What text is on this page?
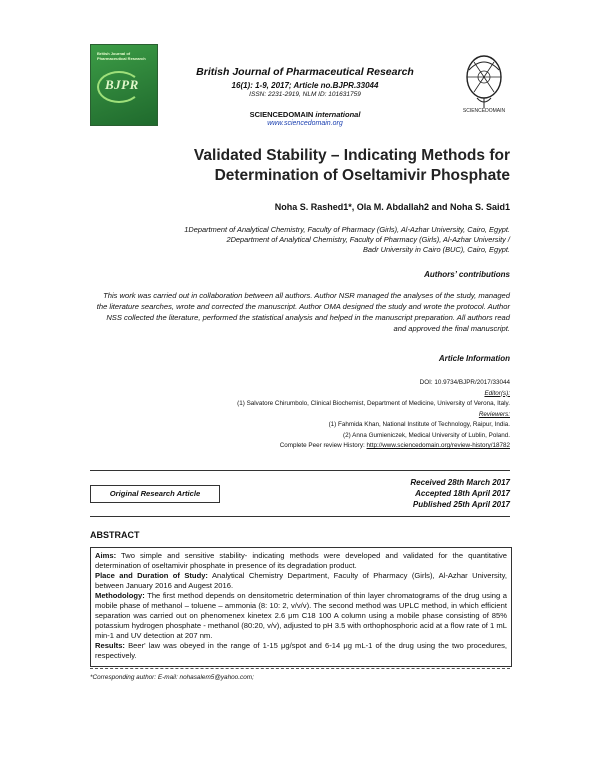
British Journal of Pharmaceutical Research
BJPR
British Journal of Pharmaceutical Research
16(1): 1-9, 2017; Article no.BJPR.33044
ISSN: 2231-2919, NLM ID: 101631759
SCIENCEDOMAIN international
www.sciencedomain.org
SCIENCEDOMAIN
Validated Stability – Indicating Methods for
Determination of Oseltamivir Phosphate
Noha S. Rashed1*, Ola M. Abdallah2 and Noha S. Said1
1Department of Analytical Chemistry, Faculty of Pharmacy (Girls), Al-Azhar University, Cairo, Egypt.
2Department of Analytical Chemistry, Faculty of Pharmacy (Girls), Al-Azhar University /
Badr University in Cairo (BUC), Cairo, Egypt.
Authors’ contributions
This work was carried out in collaboration between all authors. Author NSR managed the analyses of the study, managed the literature searches, wrote and corrected the manuscript. Author OMA designed the study and wrote the protocol. Author NSS collected the literature, performed the statistical analysis and helped in the manuscript preparation. All authors read and approved the final manuscript.
Article Information
DOI: 10.9734/BJPR/2017/33044
Editor(s):
(1) Salvatore Chirumbolo, Clinical Biochemist, Department of Medicine, University of Verona, Italy.
Reviewers:
(1) Fahmida Khan, National Institute of Technology, Raipur, India.
(2) Anna Gumieniczek, Medical University of Lublin, Poland.
Complete Peer review History: http://www.sciencedomain.org/review-history/18782
Original Research Article
Received 28th March 2017
Accepted 18th April 2017
Published 25th April 2017
ABSTRACT

Aims: Two simple and sensitive stability- indicating methods were developed and validated for the quantitative determination of oseltamivir phosphate in presence of its degradation product.

Place and Duration of Study: Analytical Chemistry Department, Faculty of Pharmacy (Girls), Al-Azhar University, between January 2016 and Augest 2016.

Methodology: The first method depends on densitometric determination of thin layer chromatograms of the drug using a mobile phase of methanol – toluene – ammonia (8: 10: 2, v/v/v). The second method was UPLC method, in which efficient separation was carried out on phenomenex kinetex 2.6 μm C18 100 A column using a mobile phase consisting of 85% potassium hydrogen phosphate - methanol (80:20, v/v), adjusted to pH 3.5 with orthophosphoric acid at a flow rate of 1 mL min-1 and UV detection at 207 nm.

Results: Beer' law was obeyed in the range of 1-15 μg/spot and 6-14 μg mL-1 of the drug using the two procedures, respectively.

*Corresponding author: E-mail: nohasalem5@yahoo.com;
